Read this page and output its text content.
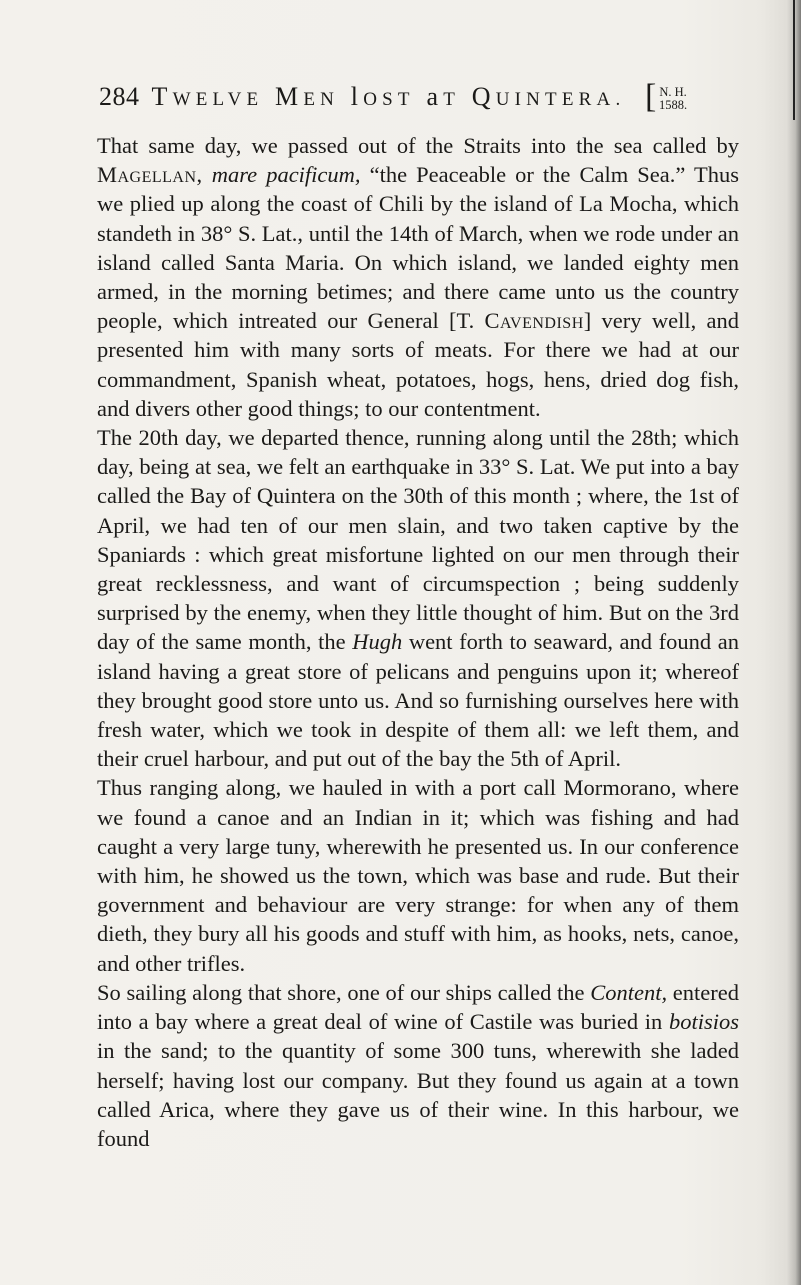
284 TWELVE MEN lOST aT QUINTERA. [ N. H.
1588.

That same day, we passed out of the Straits into the sea called by Magellan, mare pacificum, “the Peaceable or the Calm Sea.” Thus we plied up along the coast of Chili by the island of La Mocha, which standeth in 38° S. Lat., until the 14th of March, when we rode under an island called Santa Maria. On which island, we landed eighty men armed, in the morning betimes; and there came unto us the country people, which intreated our General [T. Cavendish] very well, and presented him with many sorts of meats. For there we had at our commandment, Spanish wheat, potatoes, hogs, hens, dried dog fish, and divers other good things; to our contentment.

The 20th day, we departed thence, running along until the 28th; which day, being at sea, we felt an earthquake in 33° S. Lat. We put into a bay called the Bay of Quintera on the 30th of this month ; where, the 1st of April, we had ten of our men slain, and two taken captive by the Spaniards : which great misfortune lighted on our men through their great recklessness, and want of circumspection ; being suddenly surprised by the enemy, when they little thought of him. But on the 3rd day of the same month, the Hugh went forth to seaward, and found an island having a great store of pelicans and penguins upon it; whereof they brought good store unto us. And so furnishing ourselves here with fresh water, which we took in despite of them all: we left them, and their cruel harbour, and put out of the bay the 5th of April.

Thus ranging along, we hauled in with a port call Mormorano, where we found a canoe and an Indian in it; which was fishing and had caught a very large tuny, wherewith he presented us. In our conference with him, he showed us the town, which was base and rude. But their government and behaviour are very strange: for when any of them dieth, they bury all his goods and stuff with him, as hooks, nets, canoe, and other trifles.

So sailing along that shore, one of our ships called the Content, entered into a bay where a great deal of wine of Castile was buried in botisios in the sand; to the quantity of some 300 tuns, wherewith she laded herself; having lost our company. But they found us again at a town called Arica, where they gave us of their wine. In this harbour, we found
